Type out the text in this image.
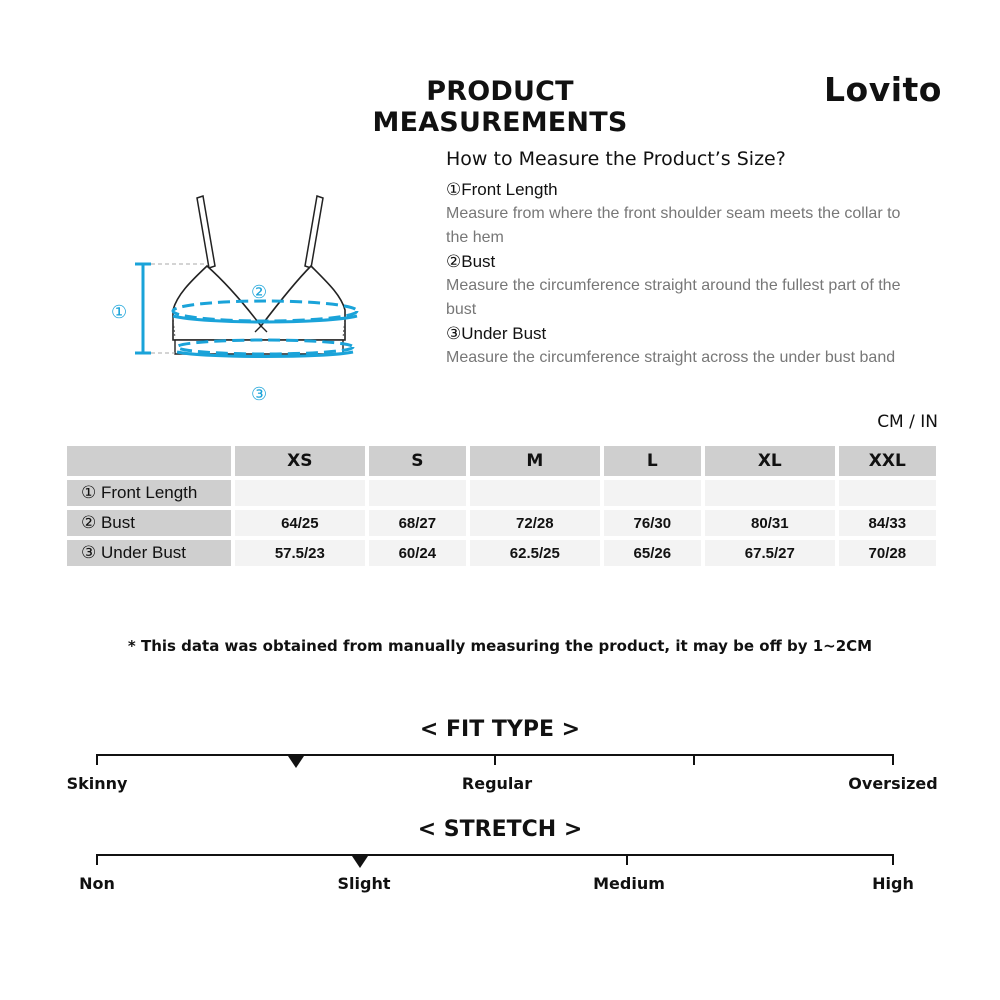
PRODUCT MEASUREMENTS
Lovito
①
②
③
How to Measure the Product’s Size?

①Front Length

Measure from where the front shoulder seam meets the collar to the hem

②Bust

Measure the circumference straight around the fullest part of the bust

③Under Bust

Measure the circumference straight across the under bust band

CM / IN
	XS	S	M	L	XL	XXL
① Front Length						
② Bust	64/25	68/27	72/28	76/30	80/31	84/33
③ Under Bust	57.5/23	60/24	62.5/25	65/26	67.5/27	70/28
* This data was obtained from manually measuring the product, it may be off by 1~2CM
< FIT TYPE >
Skinny	Regular	Oversized
< STRETCH >
Non	Slight	Medium	High
